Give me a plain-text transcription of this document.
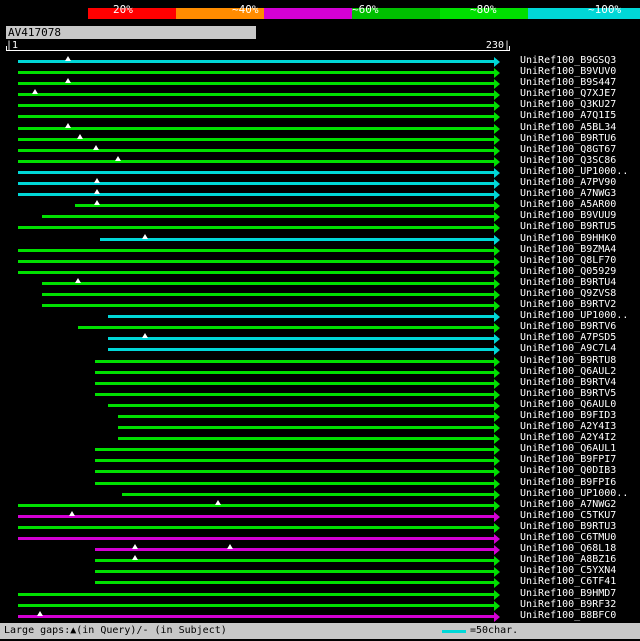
20%	~40%	~60%	~80%	~100%
AV417078
|1	230|
UniRef100_B9GSQ3
UniRef100_B9VUV0
UniRef100_B9S447
UniRef100_Q7XJE7
UniRef100_Q3KU27
UniRef100_A7Q1I5
UniRef100_A5BL34
UniRef100_B9RTU6
UniRef100_Q8GT67
UniRef100_Q3SC86
UniRef100_UP1000..
UniRef100_A7PV90
UniRef100_A7NWG3
UniRef100_A5AR00
UniRef100_B9VUU9
UniRef100_B9RTU5
UniRef100_B9HHK0
UniRef100_B9ZMA4
UniRef100_Q8LF70
UniRef100_Q05929
UniRef100_B9RTU4
UniRef100_Q9ZVS8
UniRef100_B9RTV2
UniRef100_UP1000..
UniRef100_B9RTV6
UniRef100_A7PSD5
UniRef100_A9C7L4
UniRef100_B9RTU8
UniRef100_Q6AUL2
UniRef100_B9RTV4
UniRef100_B9RTV5
UniRef100_Q6AUL0
UniRef100_B9FID3
UniRef100_A2Y4I3
UniRef100_A2Y4I2
UniRef100_Q6AUL1
UniRef100_B9FPI7
UniRef100_Q0DIB3
UniRef100_B9FPI6
UniRef100_UP1000..
UniRef100_A7NWG2
UniRef100_C5TKU7
UniRef100_B9RTU3
UniRef100_C6TMU0
UniRef100_Q68L18
UniRef100_A8BZ16
UniRef100_C5YXN4
UniRef100_C6TF41
UniRef100_B9HMD7
UniRef100_B9RF32
UniRef100_B8BFC0
Large gaps:▲(in Query)/- (in Subject)	=50char.
